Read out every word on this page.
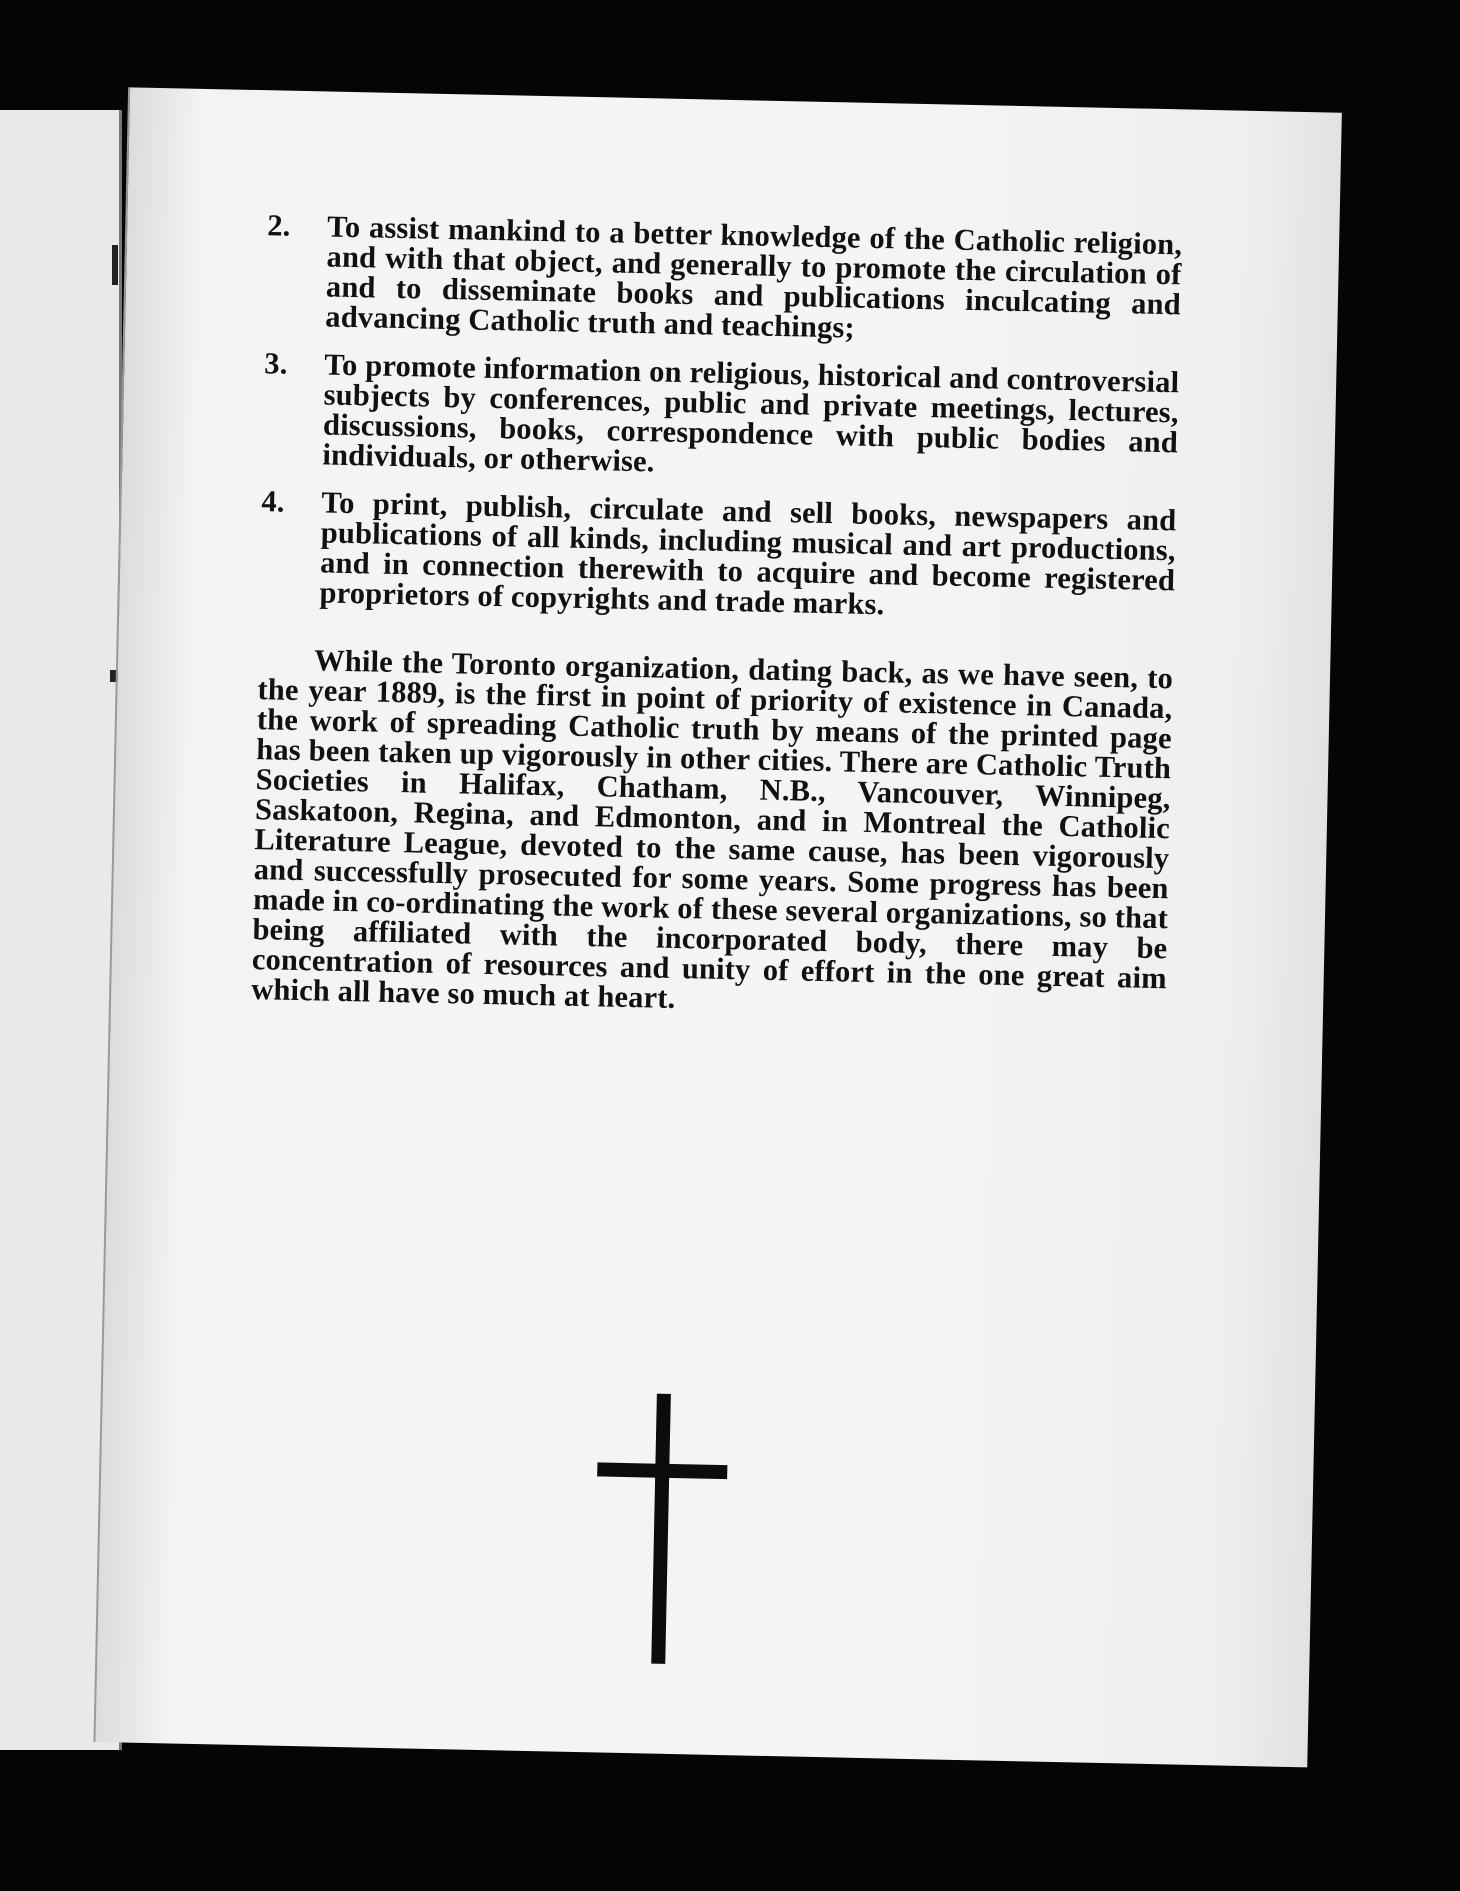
2. To assist mankind to a better knowledge of the Catholic religion, and with that object, and generally to promote the circulation of and to disseminate books and publications inculcating and advancing Catholic truth and teachings;
3. To promote information on religious, historical and controversial subjects by conferences, public and private meetings, lectures, discussions, books, correspondence with public bodies and individuals, or otherwise.
4. To print, publish, circulate and sell books, newspapers and publications of all kinds, including musical and art productions, and in connection therewith to acquire and become registered proprietors of copyrights and trade marks.
While the Toronto organization, dating back, as we have seen, to the year 1889, is the first in point of priority of existence in Canada, the work of spreading Catholic truth by means of the printed page has been taken up vigorously in other cities. There are Catholic Truth Societies in Halifax, Chatham, N.B., Vancouver, Winnipeg, Saskatoon, Regina, and Edmonton, and in Montreal the Catholic Literature League, devoted to the same cause, has been vigorously and successfully prosecuted for some years. Some progress has been made in co-ordinating the work of these several organizations, so that being affiliated with the incorporated body, there may be concentration of resources and unity of effort in the one great aim which all have so much at heart.
